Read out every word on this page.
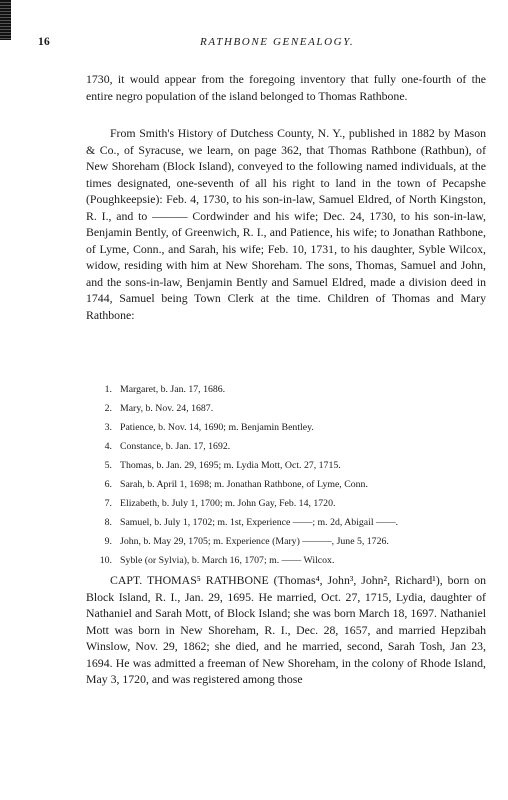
16	RATHBONE GENEALOGY.

1730, it would appear from the foregoing inventory that fully one-fourth of the entire negro population of the island belonged to Thomas Rathbone.

From Smith's History of Dutchess County, N. Y., published in 1882 by Mason & Co., of Syracuse, we learn, on page 362, that Thomas Rathbone (Rathbun), of New Shoreham (Block Island), conveyed to the following named individuals, at the times designated, one-seventh of all his right to land in the town of Pecapshe (Poughkeepsie): Feb. 4, 1730, to his son-in-law, Samuel Eldred, of North Kingston, R. I., and to ——— Cordwinder and his wife; Dec. 24, 1730, to his son-in-law, Benjamin Bently, of Greenwich, R. I., and Patience, his wife; to Jonathan Rathbone, of Lyme, Conn., and Sarah, his wife; Feb. 10, 1731, to his daughter, Syble Wilcox, widow, residing with him at New Shoreham. The sons, Thomas, Samuel and John, and the sons-in-law, Benjamin Bently and Samuel Eldred, made a division deed in 1744, Samuel being Town Clerk at the time. Children of Thomas and Mary Rathbone:

1. Margaret, b. Jan. 17, 1686.
2. Mary, b. Nov. 24, 1687.
3. Patience, b. Nov. 14, 1690; m. Benjamin Bentley.
4. Constance, b. Jan. 17, 1692.
5. Thomas, b. Jan. 29, 1695; m. Lydia Mott, Oct. 27, 1715.
6. Sarah, b. April 1, 1698; m. Jonathan Rathbone, of Lyme, Conn.
7. Elizabeth, b. July 1, 1700; m. John Gay, Feb. 14, 1720.
8. Samuel, b. July 1, 1702; m. 1st, Experience ——; m. 2d, Abigail ——.
9. John, b. May 29, 1705; m. Experience (Mary) ———, June 5, 1726.
10. Syble (or Sylvia), b. March 16, 1707; m. —— Wilcox.

CAPT. THOMAS⁵ RATHBONE (Thomas⁴, John³, John², Richard¹), born on Block Island, R. I., Jan. 29, 1695. He married, Oct. 27, 1715, Lydia, daughter of Nathaniel and Sarah Mott, of Block Island; she was born March 18, 1697. Nathaniel Mott was born in New Shoreham, R. I., Dec. 28, 1657, and married Hepzibah Winslow, Nov. 29, 1862; she died, and he married, second, Sarah Tosh, Jan 23, 1694. He was admitted a freeman of New Shoreham, in the colony of Rhode Island, May 3, 1720, and was registered among those
